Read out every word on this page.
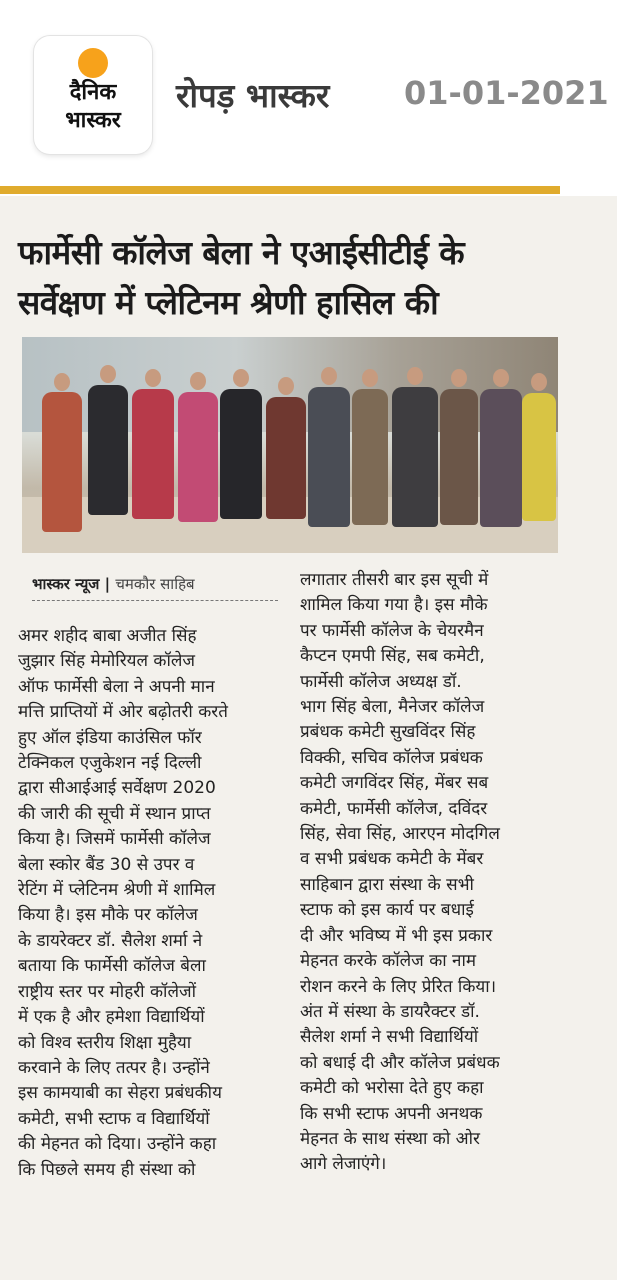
दैनिक
भास्कर
रोपड़ भास्कर 01-01-2021
फार्मेसी कॉलेज बेला ने एआईसीटीई के
सर्वेक्षण में प्लेटिनम श्रेणी हासिल की
भास्कर न्यूज | चमकौर साहिब
अमर शहीद बाबा अजीत सिंह
जुझार सिंह मेमोरियल कॉलेज
ऑफ फार्मेसी बेला ने अपनी मान
मत्ति प्राप्तियों में ओर बढ़ोतरी करते
हुए ऑल इंडिया काउंसिल फॉर
टेक्निकल एजुकेशन नई दिल्ली
द्वारा सीआईआई सर्वेक्षण 2020
की जारी की सूची में स्थान प्राप्त
किया है। जिसमें फार्मेसी कॉलेज
बेला स्कोर बैंड 30 से उपर व
रेटिंग में प्लेटिनम श्रेणी में शामिल
किया है। इस मौके पर कॉलेज
के डायरेक्टर डॉ. सैलेश शर्मा ने
बताया कि फार्मेसी कॉलेज बेला
राष्ट्रीय स्तर पर मोहरी कॉलेजों
में एक है और हमेशा विद्यार्थियों
को विश्व स्तरीय शिक्षा मुहैया
करवाने के लिए तत्पर है। उन्होंने
इस कामयाबी का सेहरा प्रबंधकीय
कमेटी, सभी स्टाफ व विद्यार्थियों
की मेहनत को दिया। उन्होंने कहा
कि पिछले समय ही संस्था को
लगातार तीसरी बार इस सूची में
शामिल किया गया है। इस मौके
पर फार्मेसी कॉलेज के चेयरमैन
कैप्टन एमपी सिंह, सब कमेटी,
फार्मेसी कॉलेज अध्यक्ष डॉ.
भाग सिंह बेला, मैनेजर कॉलेज
प्रबंधक कमेटी सुखविंदर सिंह
विक्की, सचिव कॉलेज प्रबंधक
कमेटी जगविंदर सिंह, मेंबर सब
कमेटी, फार्मेसी कॉलेज, दविंदर
सिंह, सेवा सिंह, आरएन मोदगिल
व सभी प्रबंधक कमेटी के मेंबर
साहिबान द्वारा संस्था के सभी
स्टाफ को इस कार्य पर बधाई
दी और भविष्य में भी इस प्रकार
मेहनत करके कॉलेज का नाम
रोशन करने के लिए प्रेरित किया।
अंत में संस्था के डायरैक्टर डॉ.
सैलेश शर्मा ने सभी विद्यार्थियों
को बधाई दी और कॉलेज प्रबंधक
कमेटी को भरोसा देते हुए कहा
कि सभी स्टाफ अपनी अनथक
मेहनत के साथ संस्था को ओर
आगे लेजाएंगे।
